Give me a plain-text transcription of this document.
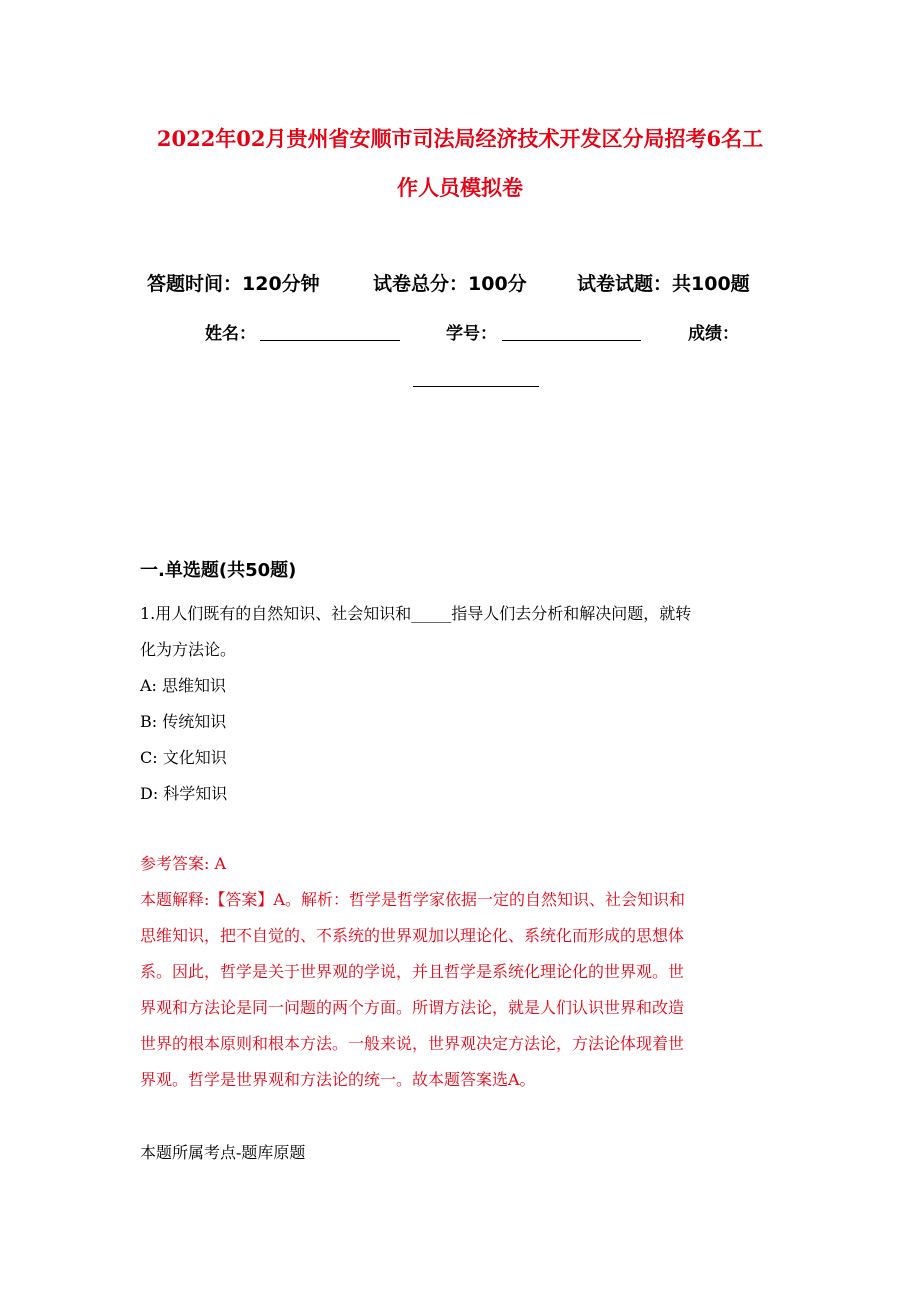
2022年02月贵州省安顺市司法局经济技术开发区分局招考6名工
作人员模拟卷
答题时间：120分钟	试卷总分：100分	试卷试题：共100题
姓名：	学号：	成绩：
一.单选题(共50题)
1.用人们既有的自然知识、社会知识和_____指导人们去分析和解决问题，就转
化为方法论。
A: 思维知识
B: 传统知识
C: 文化知识
D: 科学知识
参考答案: A
本题解释:【答案】A。解析：哲学是哲学家依据一定的自然知识、社会知识和
思维知识，把不自觉的、不系统的世界观加以理论化、系统化而形成的思想体
系。因此，哲学是关于世界观的学说，并且哲学是系统化理论化的世界观。世
界观和方法论是同一问题的两个方面。所谓方法论，就是人们认识世界和改造
世界的根本原则和根本方法。一般来说，世界观决定方法论，方法论体现着世
界观。哲学是世界观和方法论的统一。故本题答案选A。
本题所属考点-题库原题
